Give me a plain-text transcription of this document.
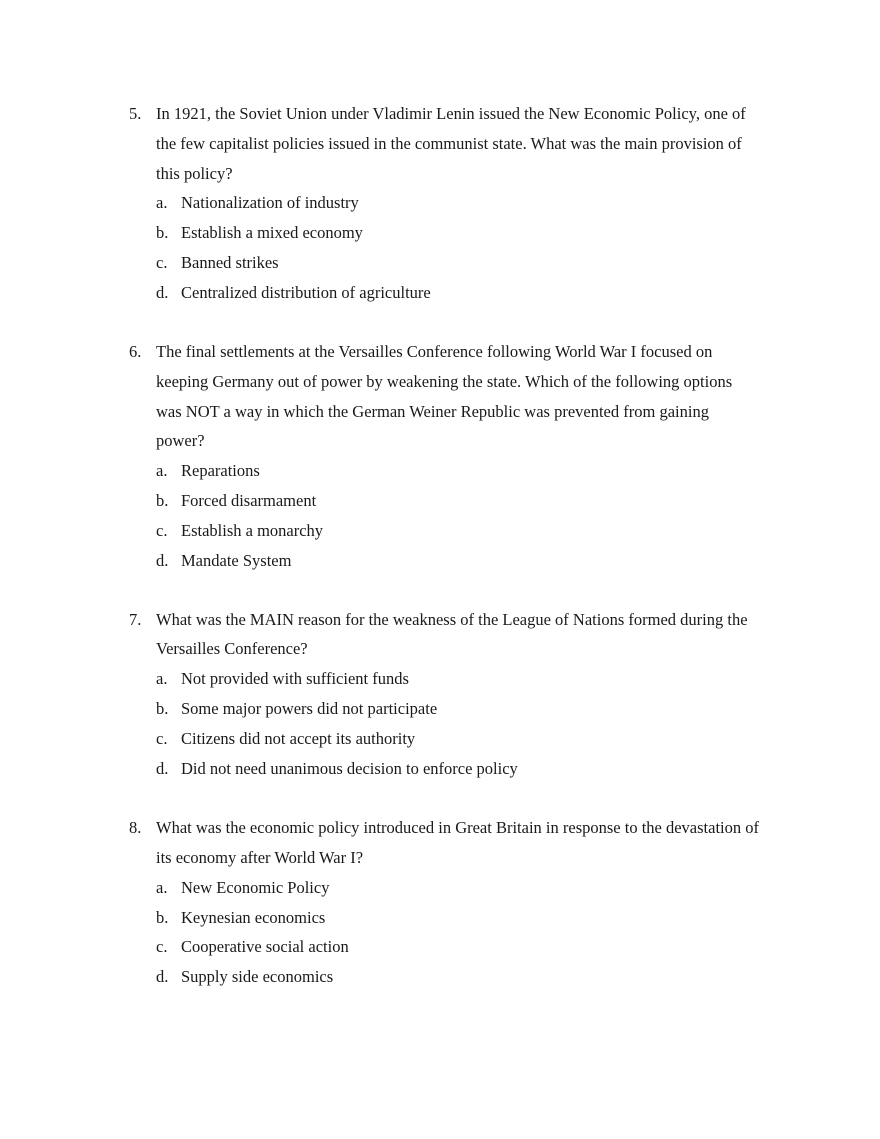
5. In 1921, the Soviet Union under Vladimir Lenin issued the New Economic Policy, one of
the few capitalist policies issued in the communist state. What was the main provision of
this policy?
a. Nationalization of industry
b. Establish a mixed economy
c. Banned strikes
d. Centralized distribution of agriculture
6. The final settlements at the Versailles Conference following World War I focused on
keeping Germany out of power by weakening the state. Which of the following options
was NOT a way in which the German Weiner Republic was prevented from gaining
power?
a. Reparations
b. Forced disarmament
c. Establish a monarchy
d. Mandate System
7. What was the MAIN reason for the weakness of the League of Nations formed during the
Versailles Conference?
a. Not provided with sufficient funds
b. Some major powers did not participate
c. Citizens did not accept its authority
d. Did not need unanimous decision to enforce policy
8. What was the economic policy introduced in Great Britain in response to the devastation of
its economy after World War I?
a. New Economic Policy
b. Keynesian economics
c. Cooperative social action
d. Supply side economics
